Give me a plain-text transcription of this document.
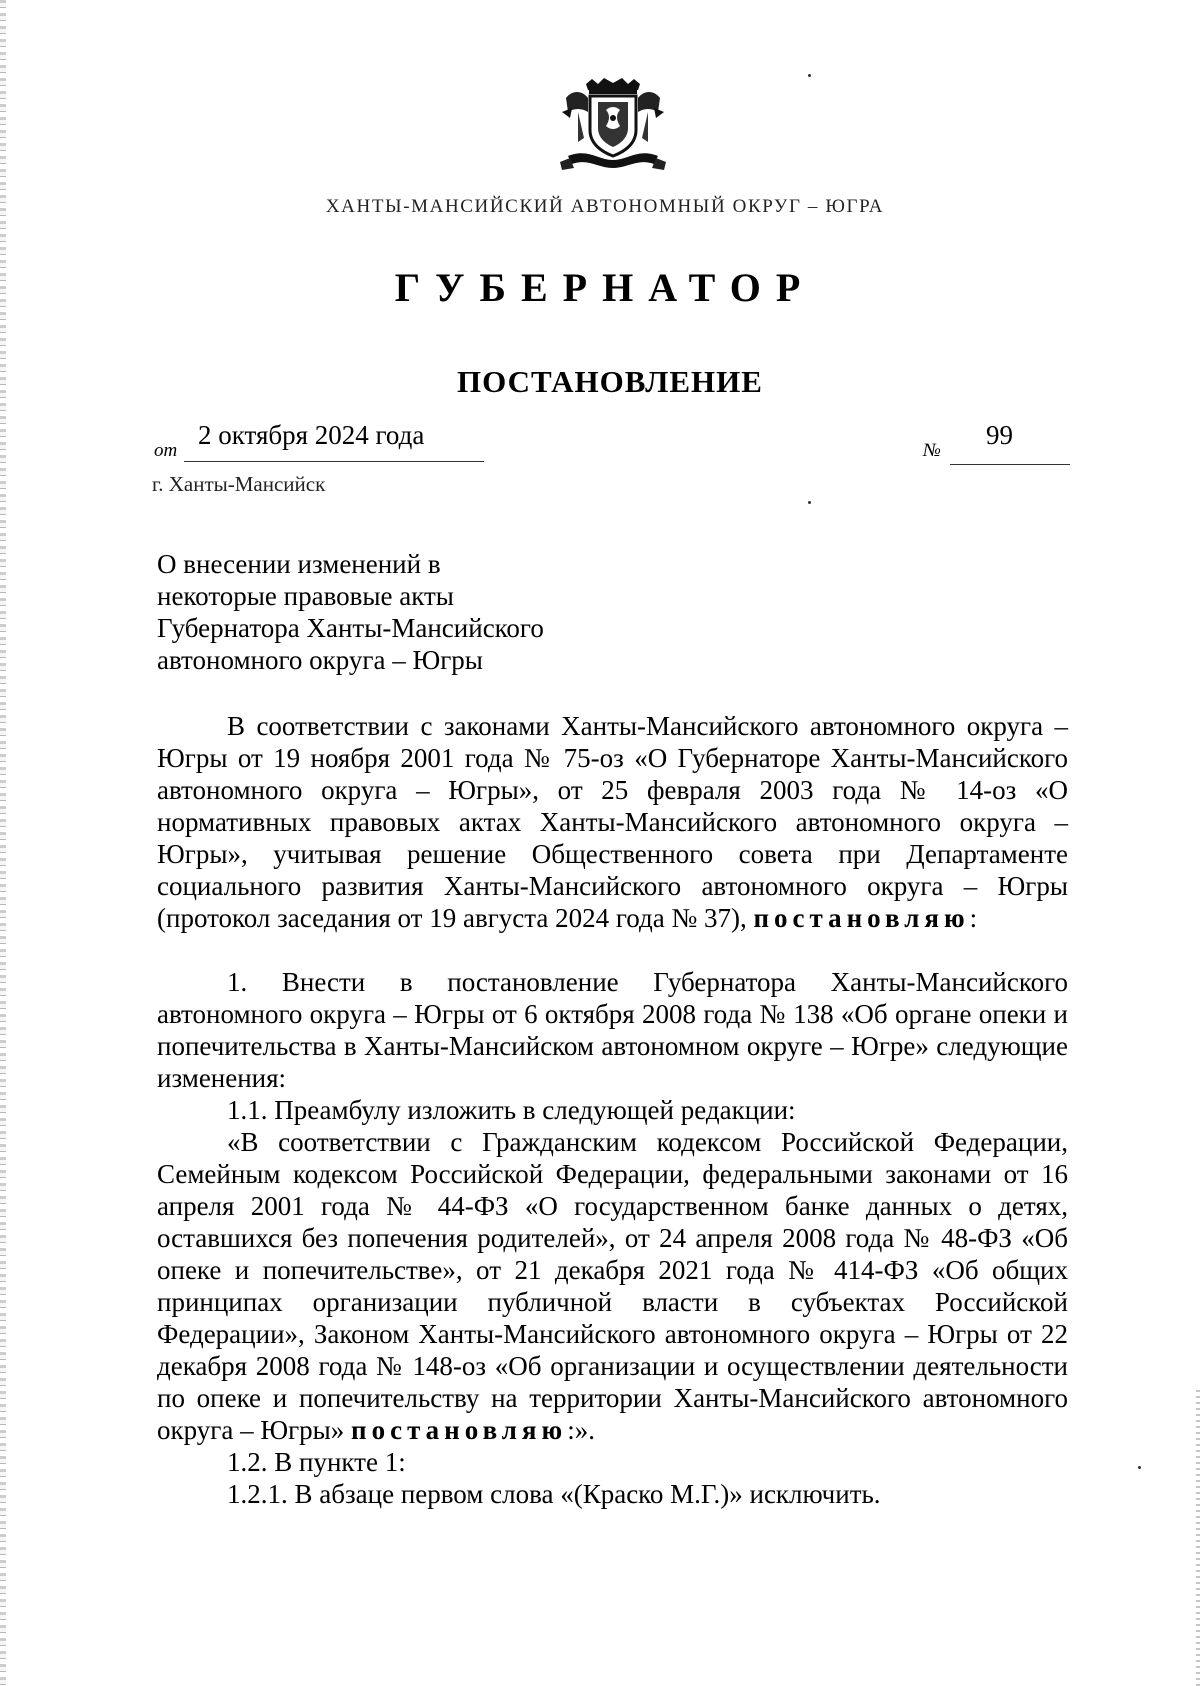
ХАНТЫ-МАНСИЙСКИЙ АВТОНОМНЫЙ ОКРУГ – ЮГРА
ГУБЕРНАТОР
ПОСТАНОВЛЕНИЕ
от
2 октября 2024 года
№
99
г. Ханты-Мансийск
О внесении изменений в
некоторые правовые акты
Губернатора Ханты-Мансийского
автономного округа – Югры

В соответствии с законами Ханты-Мансийского автономного округа – Югры от 19 ноября 2001 года № 75-оз «О Губернаторе Ханты-Мансийского автономного округа – Югры», от 25 февраля 2003 года № 14-оз «О нормативных правовых актах Ханты-Мансийского автономного округа – Югры», учитывая решение Общественного совета при Департаменте социального развития Ханты-Мансийского автономного округа – Югры (протокол заседания от 19 августа 2024 года № 37), постановляю:

1. Внести в постановление Губернатора Ханты-Мансийского автономного округа – Югры от 6 октября 2008 года № 138 «Об органе опеки и попечительства в Ханты-Мансийском автономном округе – Югре» следующие изменения:

1.1. Преамбулу изложить в следующей редакции:

«В соответствии с Гражданским кодексом Российской Федерации, Семейным кодексом Российской Федерации, федеральными законами от 16 апреля 2001 года № 44-ФЗ «О государственном банке данных о детях, оставшихся без попечения родителей», от 24 апреля 2008 года № 48-ФЗ «Об опеке и попечительстве», от 21 декабря 2021 года № 414-ФЗ «Об общих принципах организации публичной власти в субъектах Российской Федерации», Законом Ханты-Мансийского автономного округа – Югры от 22 декабря 2008 года № 148-оз «Об организации и осуществлении деятельности по опеке и попечительству на территории Ханты-Мансийского автономного округа – Югры» постановляю:».

1.2. В пункте 1:

1.2.1. В абзаце первом слова «(Краско М.Г.)» исключить.
